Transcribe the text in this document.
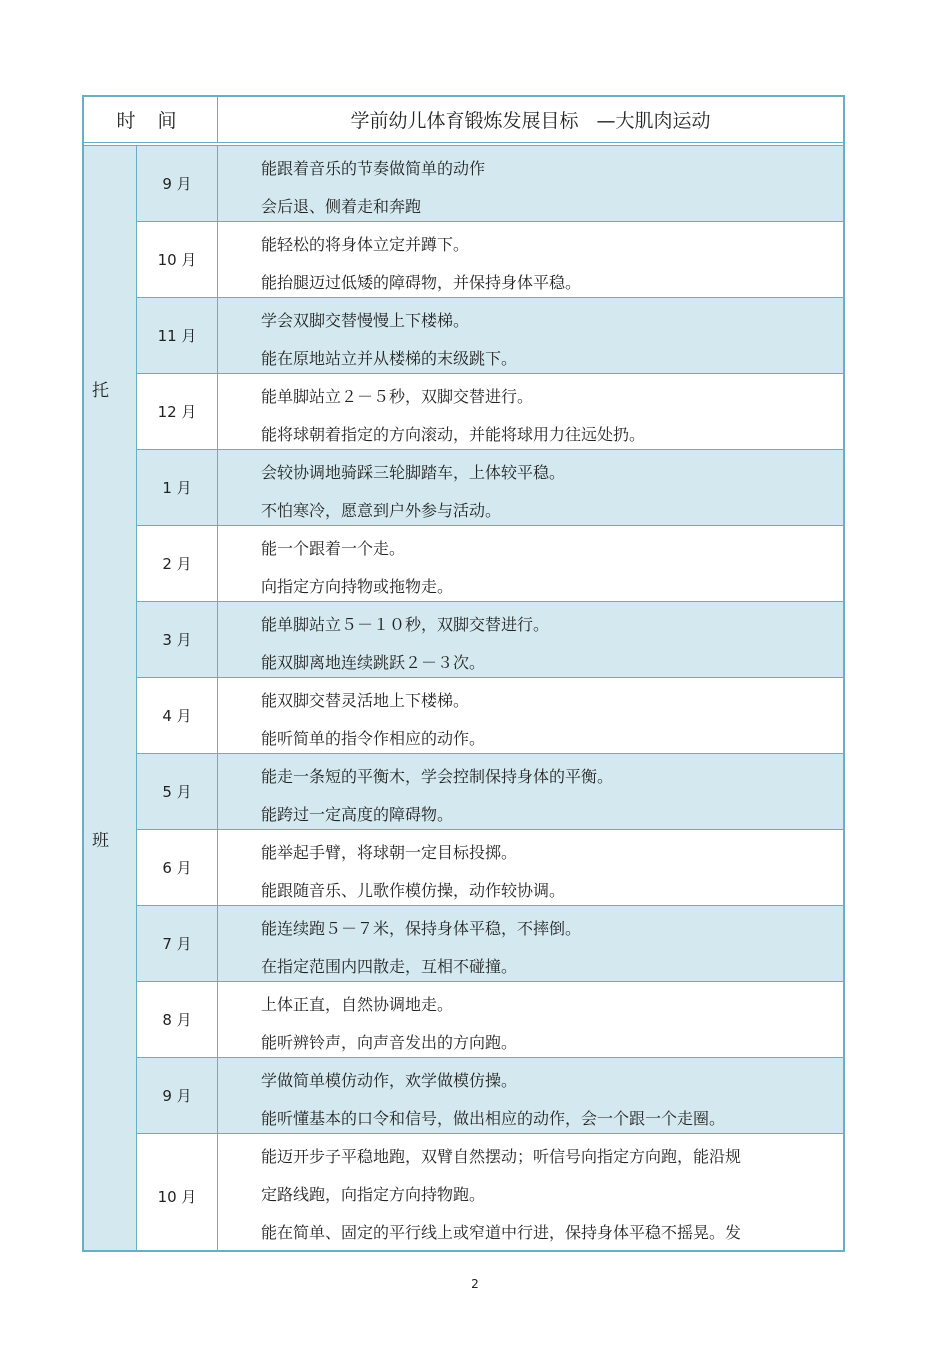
时 间	学前幼儿体育锻炼发展目标   —大肌肉运动
托
班
9 月
能跟着音乐的节奏做简单的动作
会后退、侧着走和奔跑
10 月
能轻松的将身体立定并蹲下。
能抬腿迈过低矮的障碍物，并保持身体平稳。
11 月
学会双脚交替慢慢上下楼梯。
能在原地站立并从楼梯的末级跳下。
12 月
能单脚站立２－５秒，双脚交替进行。
能将球朝着指定的方向滚动，并能将球用力往远处扔。
1 月
会较协调地骑踩三轮脚踏车，上体较平稳。
不怕寒冷，愿意到户外参与活动。
2 月
能一个跟着一个走。
向指定方向持物或拖物走。
3 月
能单脚站立５－１０秒，双脚交替进行。
能双脚离地连续跳跃２－３次。
4 月
能双脚交替灵活地上下楼梯。
能听简单的指令作相应的动作。
5 月
能走一条短的平衡木，学会控制保持身体的平衡。
能跨过一定高度的障碍物。
6 月
能举起手臂，将球朝一定目标投掷。
能跟随音乐、儿歌作模仿操，动作较协调。
7 月
能连续跑５－７米，保持身体平稳，不摔倒。
在指定范围内四散走，互相不碰撞。
8 月
上体正直，自然协调地走。
能听辨铃声，向声音发出的方向跑。
9 月
学做简单模仿动作，欢学做模仿操。
能听懂基本的口令和信号，做出相应的动作，会一个跟一个走圈。
10 月
能迈开步子平稳地跑，双臂自然摆动；听信号向指定方向跑，能沿规
定路线跑，向指定方向持物跑。
能在简单、固定的平行线上或窄道中行进，保持身体平稳不摇晃。发
2
